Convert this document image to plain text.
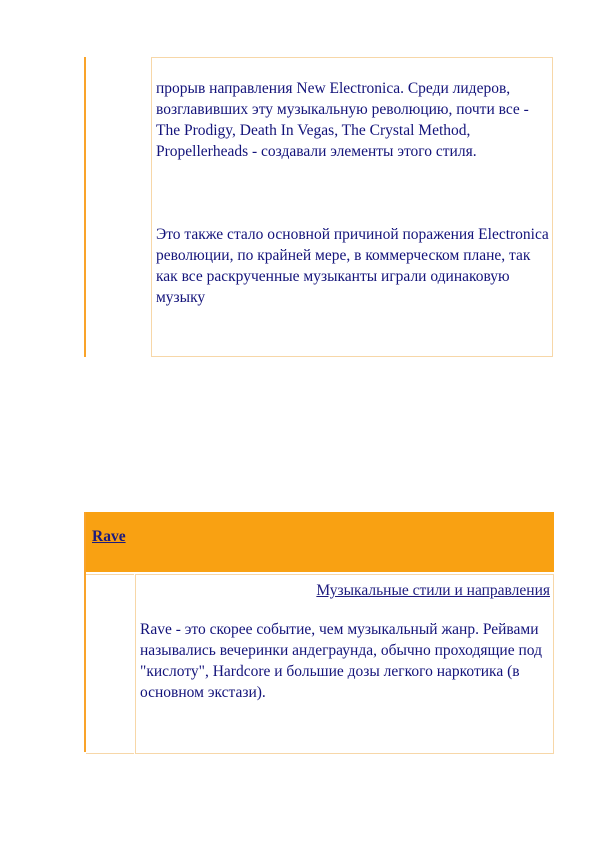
прорыв направления New Electronica. Среди лидеров, возглавивших эту музыкальную революцию, почти все - The Prodigy, Death In Vegas, The Crystal Method, Propellerheads - создавали элементы этого стиля.

Это также стало основной причиной поражения Electronica революции, по крайней мере, в коммерческом плане, так как все раскрученные музыканты играли одинаковую музыку

Rave
Музыкальные стили и направления

Rave - это скорее событие, чем музыкальный жанр. Рейвами назывались вечеринки андеграунда, обычно проходящие под "кислоту", Hardcore и большие дозы легкого наркотика (в основном экстази).
